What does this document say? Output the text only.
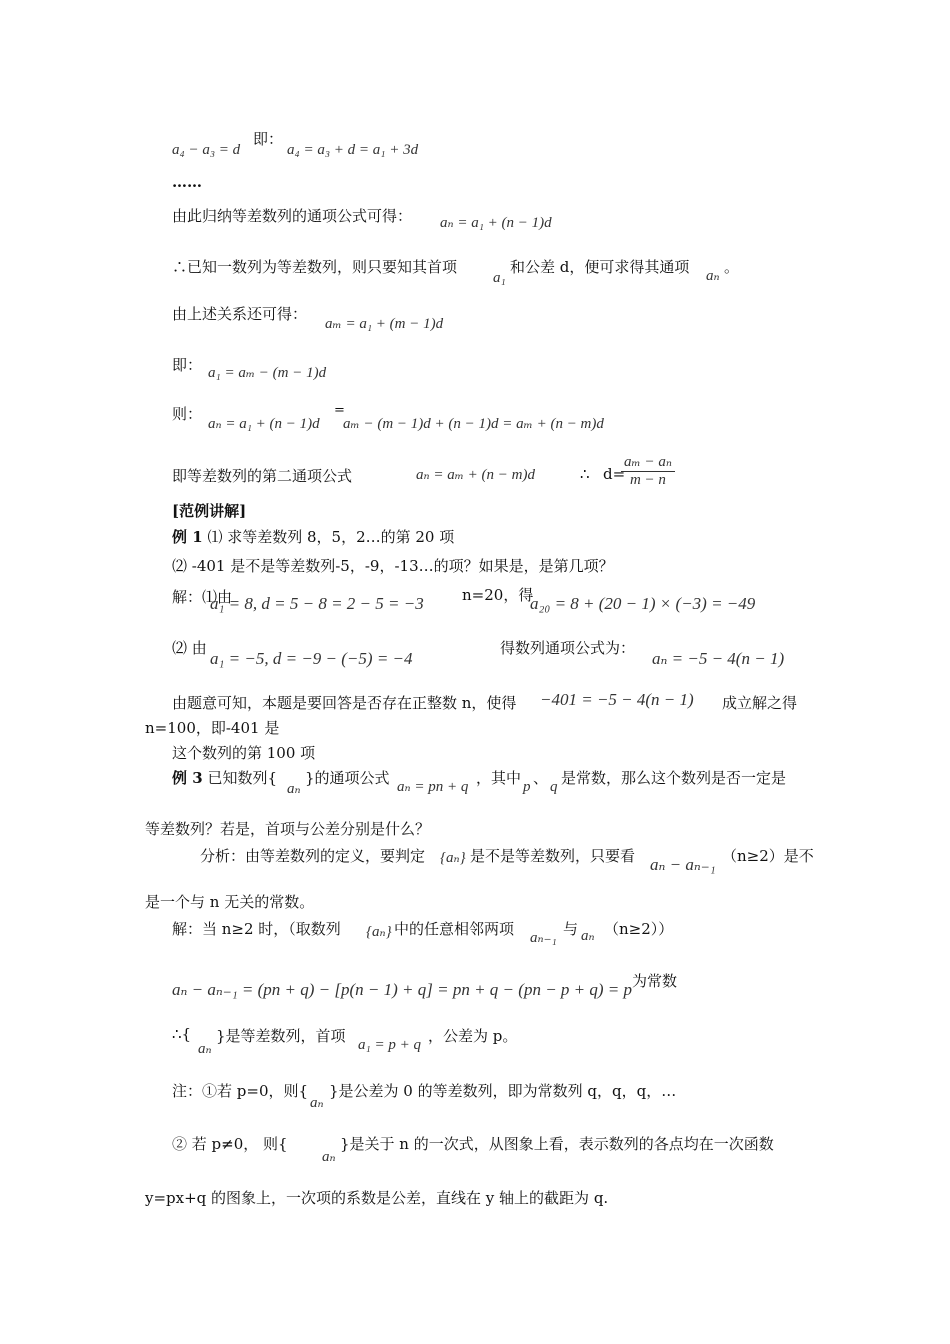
a₄ − a₃ = d
即：
a₄ = a₃ + d = a₁ + 3d
……
由此归纳等差数列的通项公式可得： aₙ = a₁ + (n − 1)d
∴已知一数列为等差数列，则只要知其首项
a₁
和公差 d，便可求得其通项 aₙ 。
由上述关系还可得：
aₘ = a₁ + (m − 1)d
即： a₁ = aₘ − (m − 1)d
则：
aₙ = a₁ + (n − 1)d
=
aₘ − (m − 1)d + (n − 1)d = aₘ + (n − m)d
即等差数列的第二通项公式	aₙ = aₘ + (n − m)d	∴ d=
$\frac{\text{aₘ − aₙ}}{m - n}$
[范例讲解]
例 1 ⑴ 求等差数列 8，5，2…的第 20 项
⑵ -401 是不是等差数列-5，-9，-13…的项？如果是，是第几项？
解：⑴由
a₁ = 8, d = 5 − 8 = 2 − 5 = −3	n=20，得
a₂₀ = 8 + (20 − 1) × (−3) = −49
⑵ 由
a₁ = −5, d = −9 − (−5) = −4
得数列通项公式为：
aₙ = −5 − 4(n − 1)
由题意可知，本题是要回答是否存在正整数 n，使得 −401 = −5 − 4(n − 1) 成立解之得
n=100，即-401 是
这个数列的第 100 项
例 3 已知数列{
aₙ
}的通项公式 aₙ = pn + q ，其中 p 、 q 是常数，那么这个数列是否一定是
等差数列？若是，首项与公差分别是什么？
分析：由等差数列的定义，要判定 {aₙ} 是不是等差数列，只要看 aₙ − aₙ₋₁ （n≥2）是不
是一个与 n 无关的常数。
解：当 n≥2 时，（取数列 {aₙ} 中的任意相邻两项 aₙ₋₁ 与 aₙ （n≥2））
aₙ − aₙ₋₁ = (pn + q) − [p(n − 1) + q] = pn + q − (pn − p + q) = p 为常数
∴{
aₙ
}是等差数列，首项 a₁ = p + q ，公差为 p。
注：①若 p=0，则{
aₙ
}是公差为 0 的等差数列，即为常数列 q，q，q，…
② 若 p≠0， 则{
aₙ
}是关于 n 的一次式，从图象上看，表示数列的各点均在一次函数
y=px+q 的图象上，一次项的系数是公差，直线在 y 轴上的截距为 q.
